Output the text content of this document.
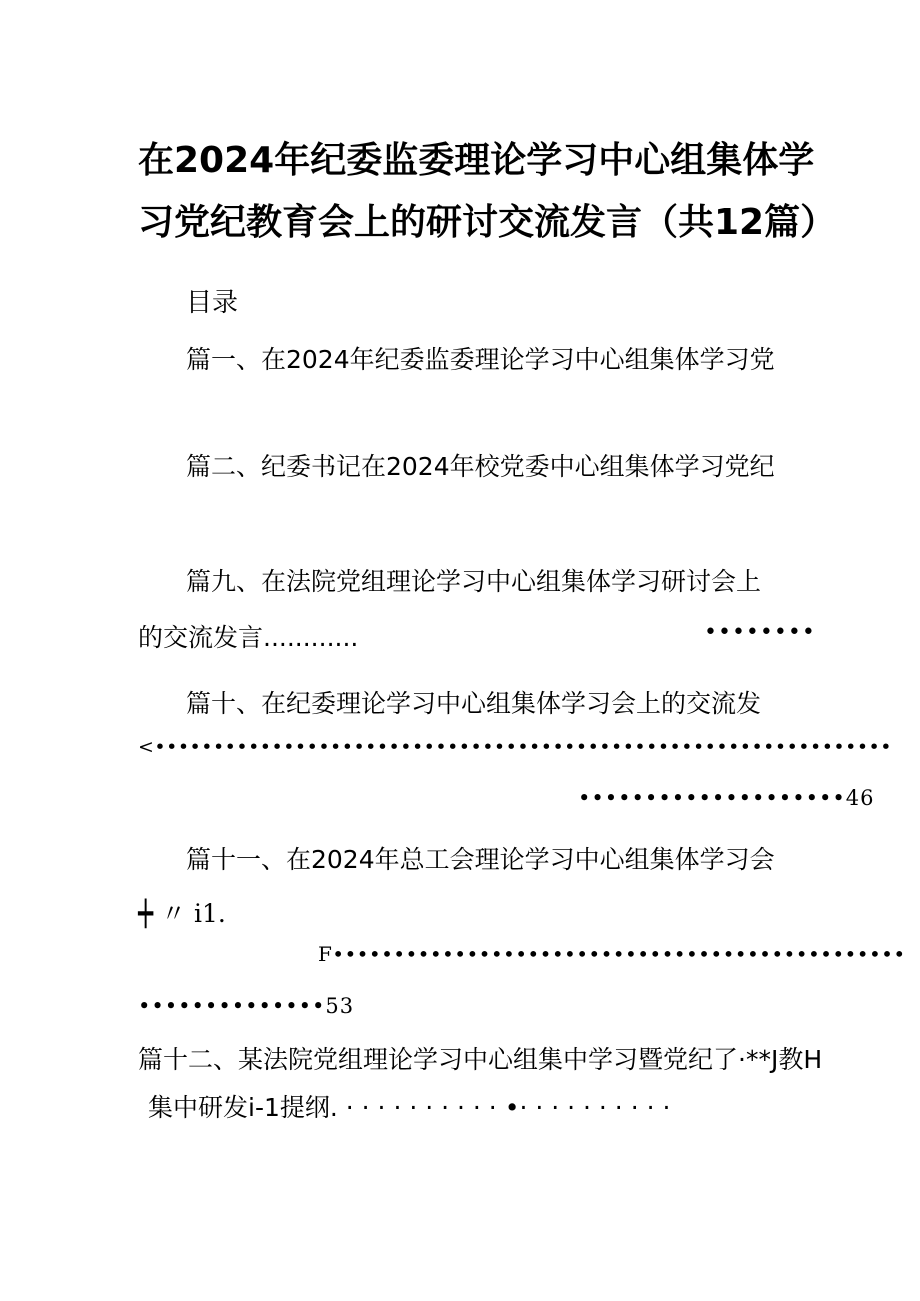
在2024年纪委监委理论学习中心组集体学
习党纪教育会上的研讨交流发言（共12篇）
目录
篇一、在2024年纪委监委理论学习中心组集体学习党
篇二、纪委书记在2024年校党委中心组集体学习党纪
篇九、在法院党组理论学习中心组集体学习研讨会上
的交流发言............	••••••••
篇十、在纪委理论学习中心组集体学习会上的交流发
<•••••••••••••••••••••••••••••••••••••••••••••••••••••••••••••••
••••••••••••••••••••46
篇十一、在2024年总工会理论学习中心组集体学习会
┿ 〃 i1.
F•••••••••••••••••••••••••••••••••••••••••••••••
••••••••••••••53
篇十二、某法院党组理论学习中心组集中学习暨党纪了·**J教H
集中研发i-1提纲. · · · · · · · · · · •· · · · · · · · · ·
